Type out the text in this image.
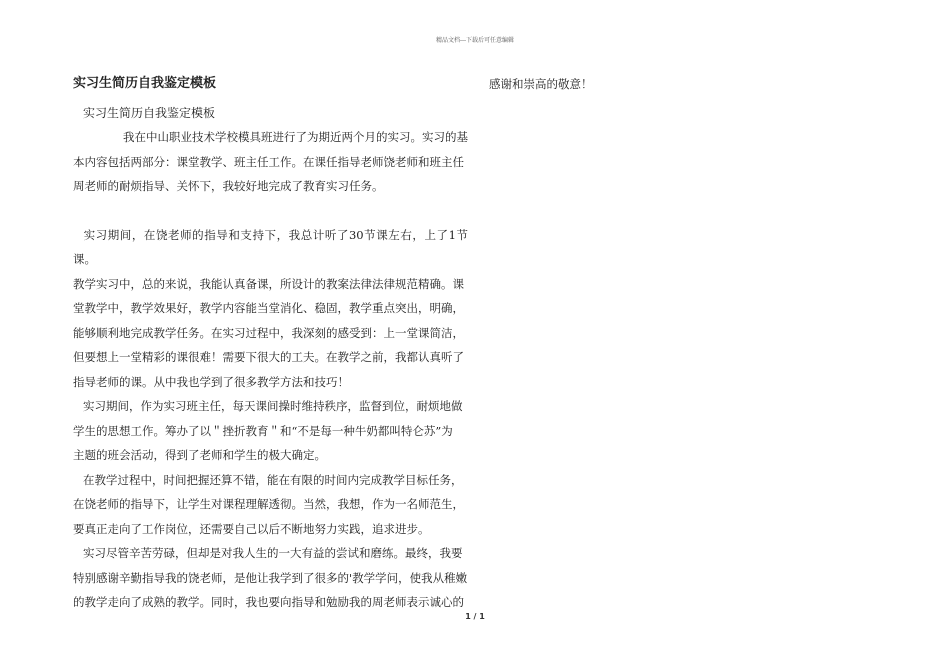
精品文档---下载后可任意编辑
实习生简历自我鉴定模板
实习生简历自我鉴定模板
我在中山职业技术学校模具班进行了为期近两个月的实习。实习的基
本内容包括两部分：课堂教学、班主任工作。在课任指导老师饶老师和班主任
周老师的耐烦指导、关怀下，我较好地完成了教育实习任务。
实习期间，在饶老师的指导和支持下，我总计听了30节课左右，上了1节课。
教学实习中，总的来说，我能认真备课，所设计的教案法律法律规范精确。课
堂教学中，教学效果好，教学内容能当堂消化、稳固，教学重点突出，明确，
能够顺利地完成教学任务。在实习过程中，我深刻的感受到：上一堂课简洁，
但要想上一堂精彩的课很难！需要下很大的工夫。在教学之前，我都认真听了
指导老师的课。从中我也学到了很多教学方法和技巧！
实习期间，作为实习班主任，每天课间操时维持秩序，监督到位，耐烦地做
学生的思想工作。筹办了以＂挫折教育＂和“不是每一种牛奶都叫特仑苏”为
主题的班会活动，得到了老师和学生的极大确定。
在教学过程中，时间把握还算不错，能在有限的时间内完成教学目标任务，
在饶老师的指导下，让学生对课程理解透彻。当然，我想，作为一名师范生，
要真正走向了工作岗位，还需要自己以后不断地努力实践，追求进步。
实习尽管辛苦劳碌，但却是对我人生的一大有益的尝试和磨练。最终，我要
特别感谢辛勤指导我的饶老师，是他让我学到了很多的'教学学问，使我从稚嫩
的教学走向了成熟的教学。同时，我也要向指导和勉励我的周老师表示诚心的
感谢和崇高的敬意！
1 / 1
